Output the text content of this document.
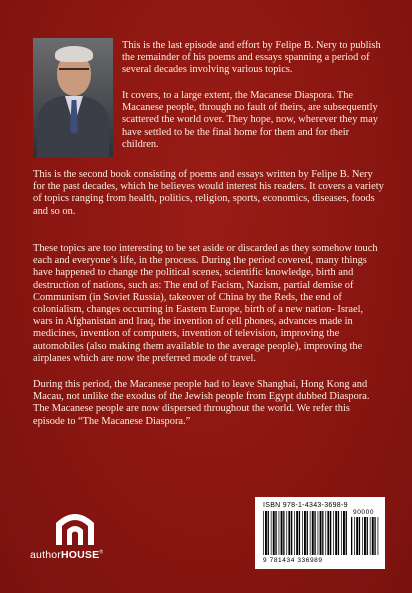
This is the last episode and effort by Felipe B. Nery to publish the remainder of his poems and essays spanning a period of several decades involving various topics.

It covers, to a large extent, the Macanese Diaspora. The Macanese people, through no fault of theirs, are subsequently scattered the world over. They hope, now, wherever they may have settled to be the final home for them and for their children.

This is the second book consisting of poems and essays written by Felipe B. Nery for the past decades, which he believes would interest his readers. It covers a variety of topics ranging from health, politics, religion, sports, economics, diseases, foods and so on.

These topics are too interesting to be set aside or discarded as they somehow touch each and everyone’s life, in the process. During the period covered, many things have happened to change the political scenes, scientific knowledge, birth and destruction of nations, such as: The end of Facism, Nazism, partial demise of Communism (in Soviet Russia), takeover of China by the Reds, the end of colonialism, changes occurring in Eastern Europe, birth of a new nation- Israel, wars in Afghanistan and Iraq, the invention of cell phones, advances made in medicines, invention of computers, invention of television, improving the automobiles (also making them available to the average people), improving the airplanes which are now the preferred mode of travel.

During this period, the Macanese people had to leave Shanghai, Hong Kong and Macau, not unlike the exodus of the Jewish people from Egypt dubbed Diaspora. The Macanese people are now dispersed throughout the world. We refer this episode to “The Macanese Diaspora.”

authorHOUSE®
ISBN 978-1-4343-3698-9
90000
9 781434 336989
